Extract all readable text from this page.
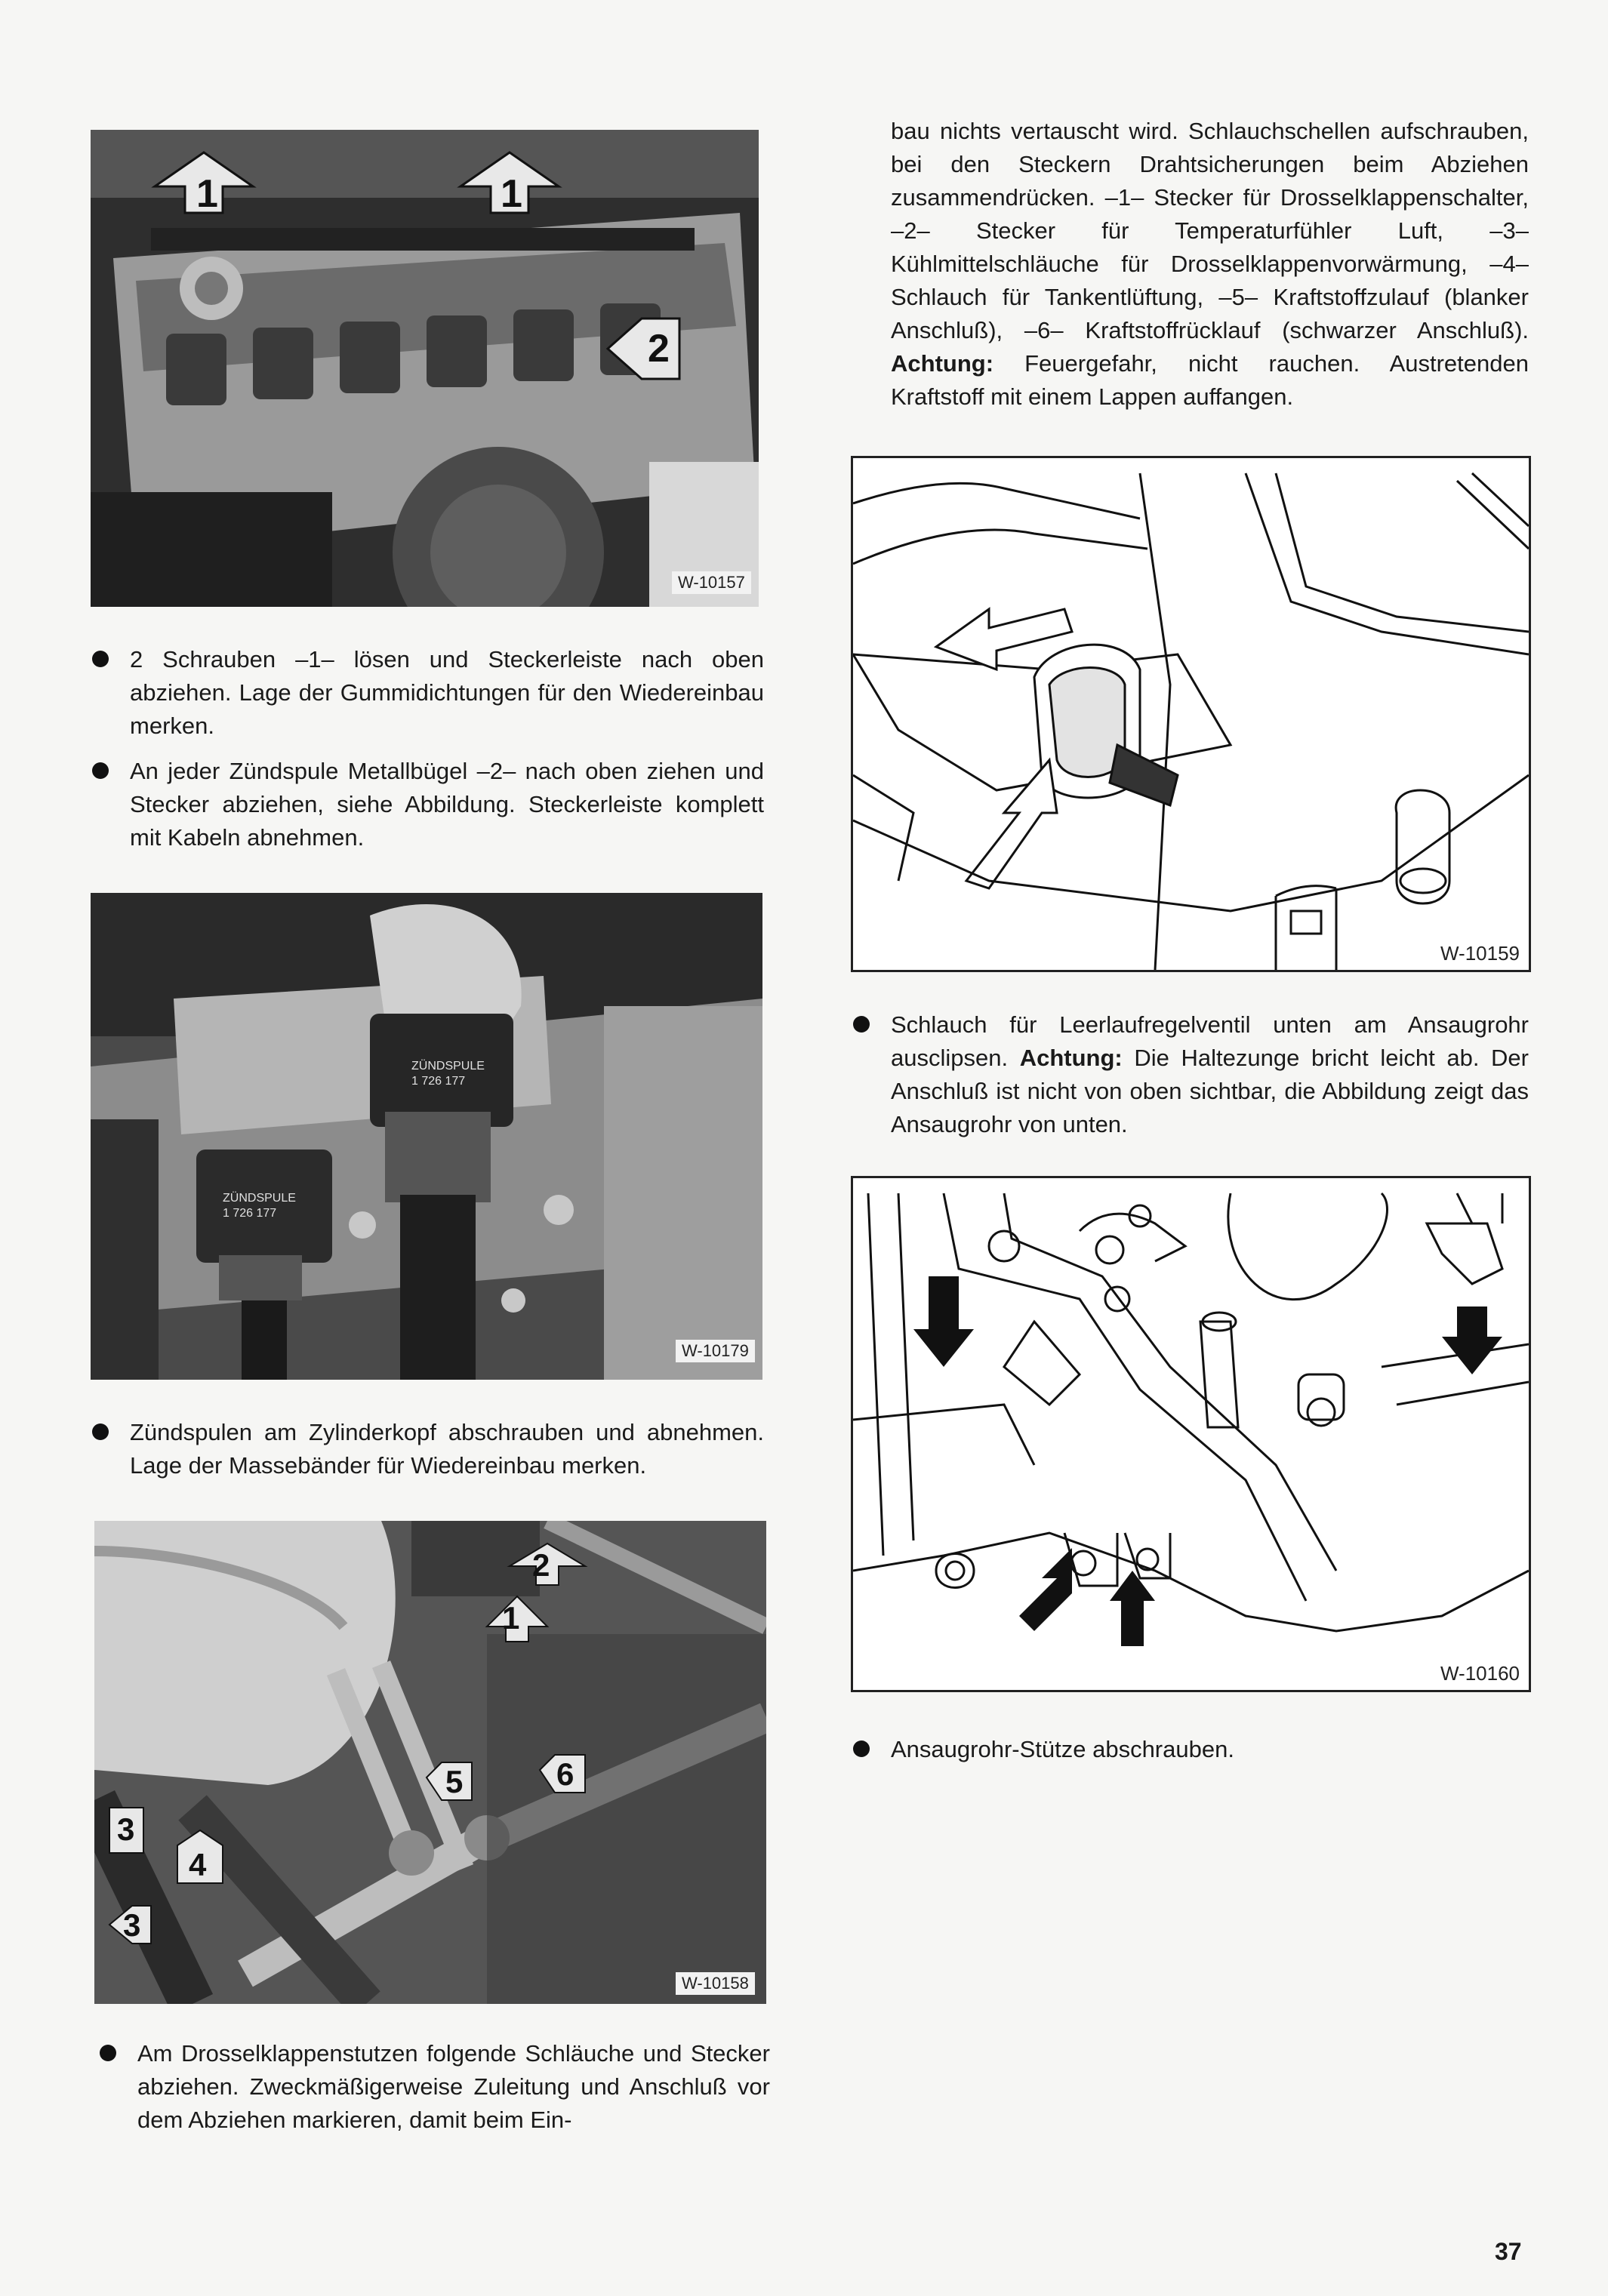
1	1
2
W-10157
bau nichts vertauscht wird. Schlauchschellen aufschrauben, bei den Steckern Drahtsicherungen beim Abziehen zusammendrücken. –1– Stecker für Drosselklappenschalter, –2– Stecker für Temperaturfühler Luft, –3– Kühlmittelschläuche für Drosselklappenvorwärmung, –4– Schlauch für Tankentlüftung, –5– Kraftstoffzulauf (blanker Anschluß), –6– Kraftstoffrücklauf (schwarzer Anschluß). Achtung: Feuergefahr, nicht rauchen. Austretenden Kraftstoff mit einem Lappen auffangen.
W-10159
2 Schrauben –1– lösen und Steckerleiste nach oben abziehen. Lage der Gummidichtungen für den Wiedereinbau merken.
An jeder Zündspule Metallbügel –2– nach oben ziehen und Stecker abziehen, siehe Abbildung. Steckerleiste komplett mit Kabeln abnehmen.
ZÜNDSPULE
1 726 177
ZÜNDSPULE
1 726 177
W-10179
Schlauch für Leerlaufregelventil unten am Ansaugrohr ausclipsen. Achtung: Die Haltezunge bricht leicht ab. Der Anschluß ist nicht von oben sichtbar, die Abbildung zeigt das Ansaugrohr von unten.
W-10160
Zündspulen am Zylinderkopf abschrauben und abnehmen. Lage der Massebänder für Wiedereinbau merken.
2
1
5	6
3
4
3
W-10158
Ansaugrohr-Stütze abschrauben.
Am Drosselklappenstutzen folgende Schläuche und Stecker abziehen. Zweckmäßigerweise Zuleitung und Anschluß vor dem Abziehen markieren, damit beim Ein-
37
